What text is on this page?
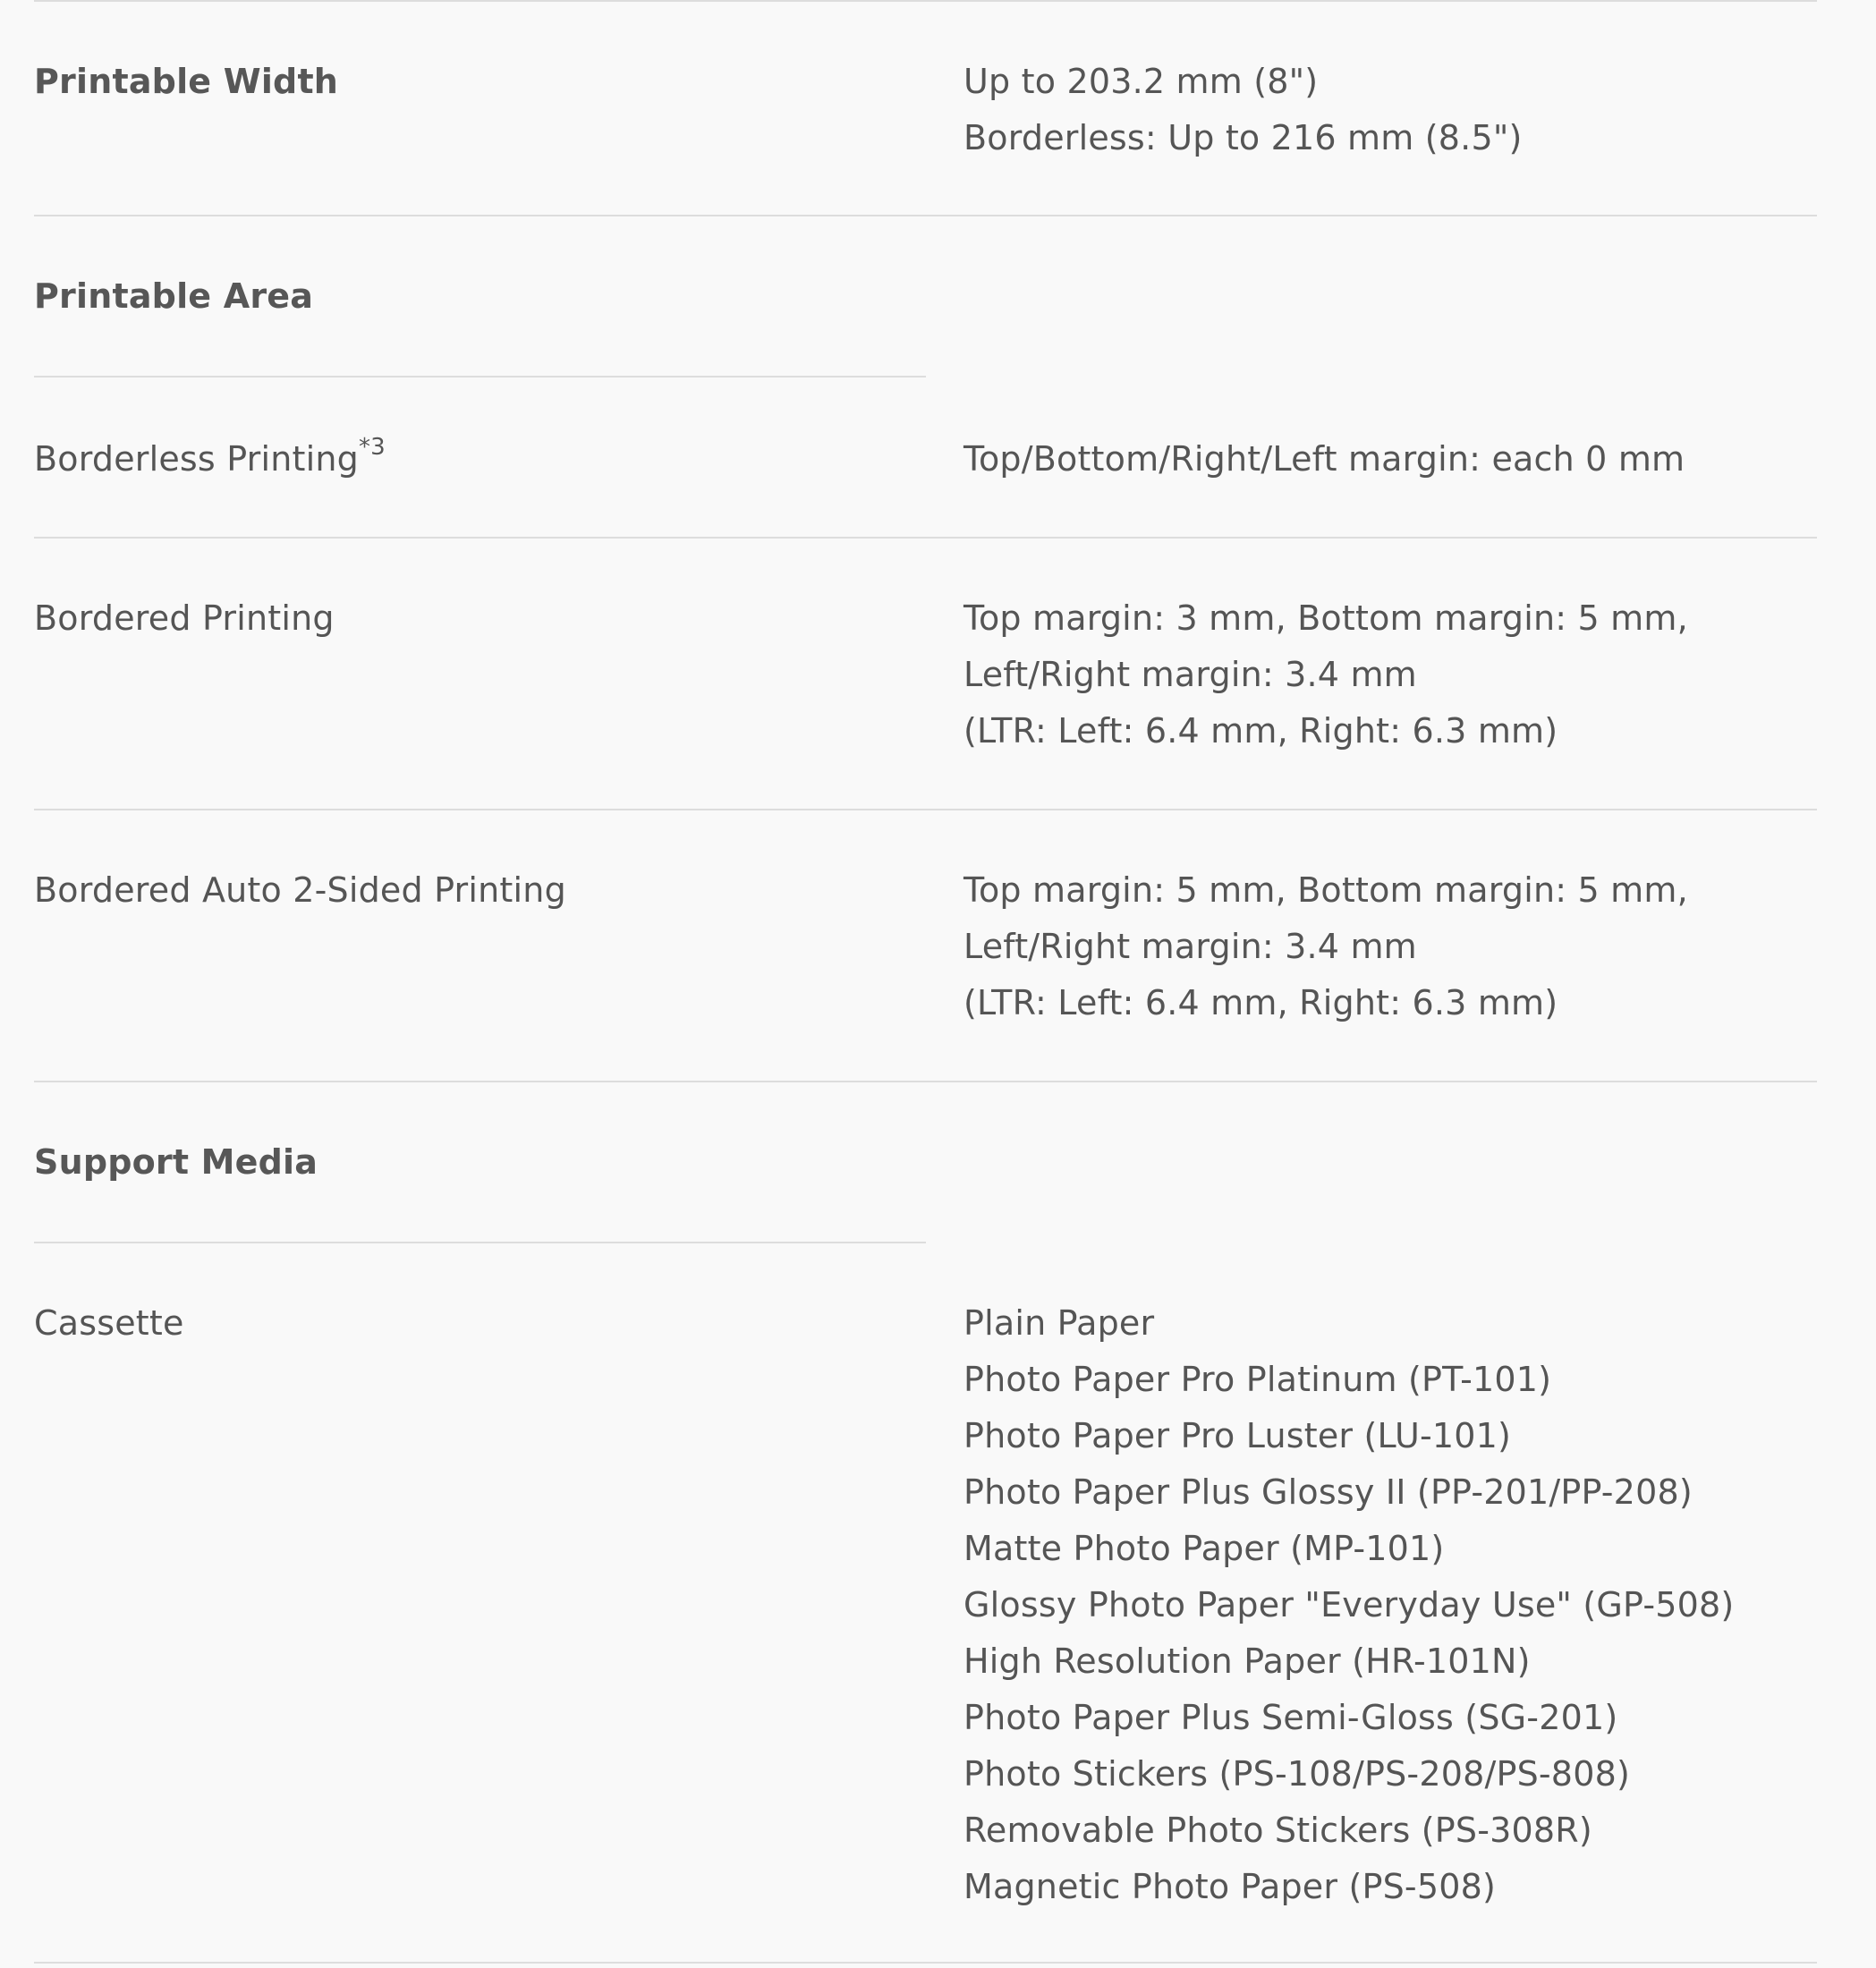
Printable Width	Up to 203.2 mm (8")
Borderless: Up to 216 mm (8.5")
Printable Area
Borderless Printing$^{*3}$	Top/Bottom/Right/Left margin: each 0 mm
Bordered Printing	Top margin: 3 mm, Bottom margin: 5 mm,
Left/Right margin: 3.4 mm
(LTR: Left: 6.4 mm, Right: 6.3 mm)
Bordered Auto 2-Sided Printing	Top margin: 5 mm, Bottom margin: 5 mm,
Left/Right margin: 3.4 mm
(LTR: Left: 6.4 mm, Right: 6.3 mm)
Support Media
Cassette	Plain Paper
Photo Paper Pro Platinum (PT-101)
Photo Paper Pro Luster (LU-101)
Photo Paper Plus Glossy II (PP-201/PP-208)
Matte Photo Paper (MP-101)
Glossy Photo Paper "Everyday Use" (GP-508)
High Resolution Paper (HR-101N)
Photo Paper Plus Semi-Gloss (SG-201)
Photo Stickers (PS-108/PS-208/PS-808)
Removable Photo Stickers (PS-308R)
Magnetic Photo Paper (PS-508)
